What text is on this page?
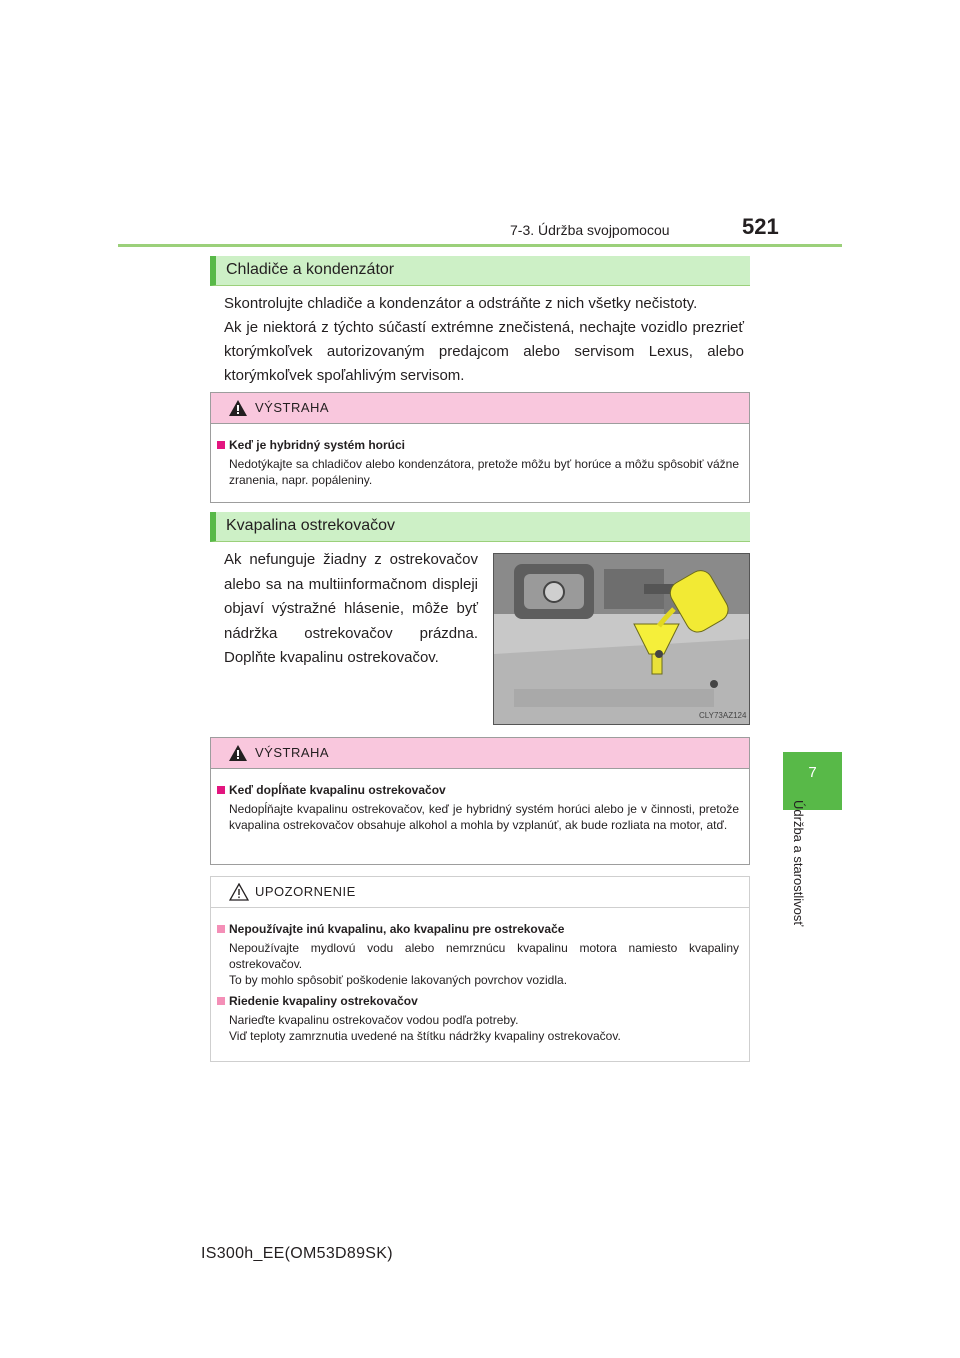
7-3. Údržba svojpomocou	521
7
Údržba a starostlivosť
Chladiče a kondenzátor
Skontrolujte chladiče a kondenzátor a odstráňte z nich všetky nečistoty.
Ak je niektorá z týchto súčastí extrémne znečistená, nechajte vozidlo prezrieť ktorýmkoľvek autorizovaným predajcom alebo servisom Lexus, alebo ktorýmkoľvek spoľahlivým servisom.
VÝSTRAHA
Keď je hybridný systém horúci
Nedotýkajte sa chladičov alebo kondenzátora, pretože môžu byť horúce a môžu spôsobiť vážne zranenia, napr. popáleniny.
Kvapalina ostrekovačov
Ak nefunguje žiadny z ostrekovačov alebo sa na multiinformačnom displeji objaví výstražné hlásenie, môže byť nádržka ostrekovačov prázdna. Doplňte kvapalinu ostrekovačov.
CLY73AZ124
VÝSTRAHA
Keď dopĺňate kvapalinu ostrekovačov
Nedopĺňajte kvapalinu ostrekovačov, keď je hybridný systém horúci alebo je v činnosti, pretože kvapalina ostrekovačov obsahuje alkohol a mohla by vzplanúť, ak bude rozliata na motor, atď.
UPOZORNENIE
Nepoužívajte inú kvapalinu, ako kvapalinu pre ostrekovače
Nepoužívajte mydlovú vodu alebo nemrznúcu kvapalinu motora namiesto kvapaliny ostrekovačov.
To by mohlo spôsobiť poškodenie lakovaných povrchov vozidla.
Riedenie kvapaliny ostrekovačov
Narieďte kvapalinu ostrekovačov vodou podľa potreby.
Viď teploty zamrznutia uvedené na štítku nádržky kvapaliny ostrekovačov.
IS300h_EE(OM53D89SK)
